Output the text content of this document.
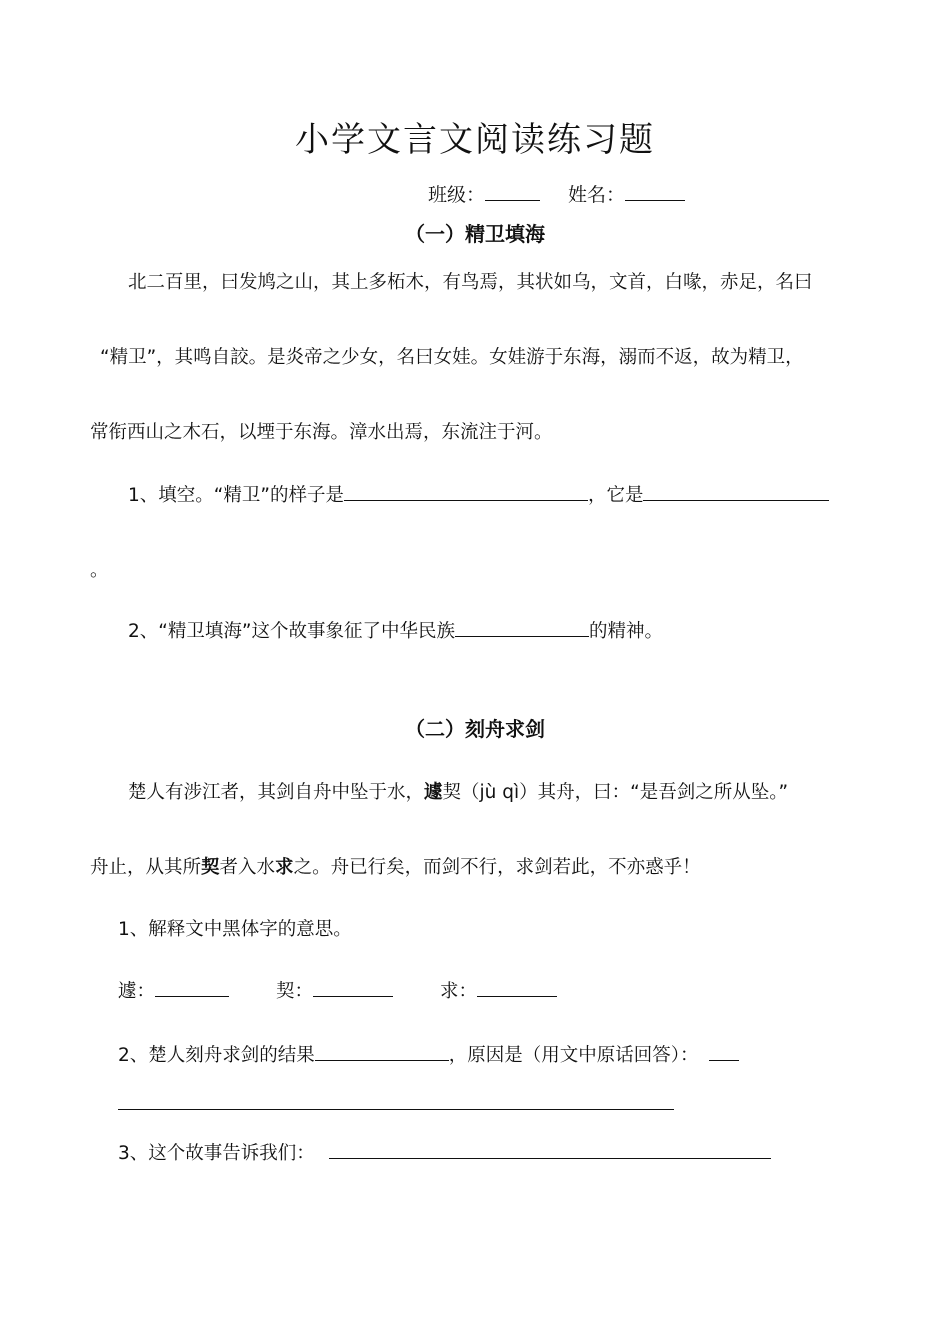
小学文言文阅读练习题
班级：	姓名：
（一）精卫填海
北二百里，曰发鸠之山，其上多柘木，有鸟焉，其状如乌，文首，白喙，赤足，名曰
“精卫”，其鸣自詨。是炎帝之少女，名曰女娃。女娃游于东海，溺而不返，故为精卫，
常衔西山之木石，以堙于东海。漳水出焉，东流注于河。
1、填空。“精卫”的样子是	，它是
。
2、“精卫填海”这个故事象征了中华民族	的精神。
（二）刻舟求剑
楚人有涉江者，其剑自舟中坠于水，遽契（jù qì）其舟，曰：“是吾剑之所从坠。”
舟止，从其所契者入水求之。舟已行矣，而剑不行，求剑若此，不亦惑乎！
1、解释文中黑体字的意思。
遽：	契：	求：
2、楚人刻舟求剑的结果	，原因是（用文中原话回答）：
3、这个故事告诉我们：
